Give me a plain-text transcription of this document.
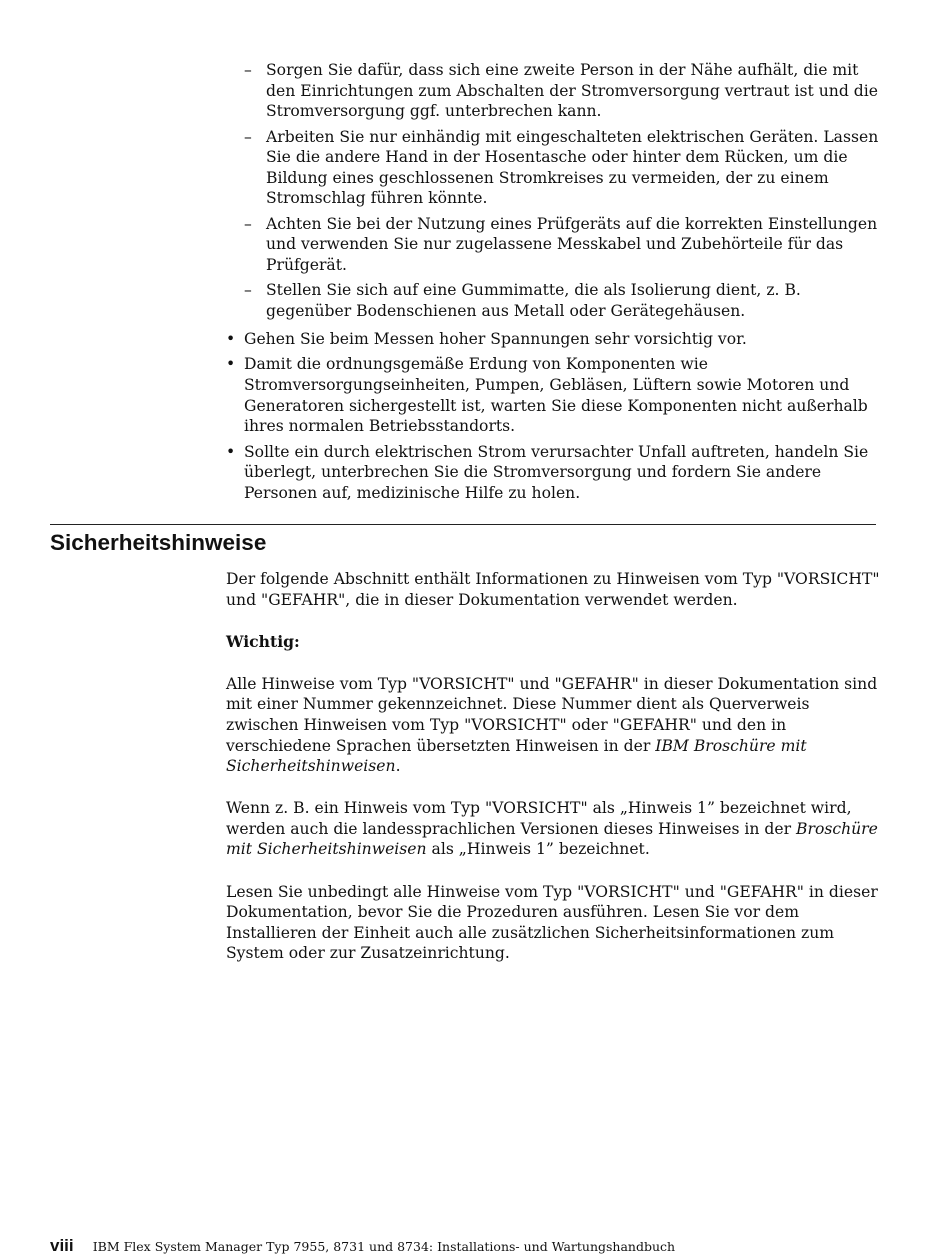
– Sorgen Sie dafür, dass sich eine zweite Person in der Nähe aufhält, die mit den Einrichtungen zum Abschalten der Stromversorgung vertraut ist und die Stromversorgung ggf. unterbrechen kann.
– Arbeiten Sie nur einhändig mit eingeschalteten elektrischen Geräten. Lassen Sie die andere Hand in der Hosentasche oder hinter dem Rücken, um die Bildung eines geschlossenen Stromkreises zu vermeiden, der zu einem Stromschlag führen könnte.
– Achten Sie bei der Nutzung eines Prüfgeräts auf die korrekten Einstellungen und verwenden Sie nur zugelassene Messkabel und Zubehörteile für das Prüfgerät.
– Stellen Sie sich auf eine Gummimatte, die als Isolierung dient, z. B. gegenüber Bodenschienen aus Metall oder Gerätegehäusen.
• Gehen Sie beim Messen hoher Spannungen sehr vorsichtig vor.
• Damit die ordnungsgemäße Erdung von Komponenten wie Stromversorgungseinheiten, Pumpen, Gebläsen, Lüftern sowie Motoren und Generatoren sichergestellt ist, warten Sie diese Komponenten nicht außerhalb ihres normalen Betriebsstandorts.
• Sollte ein durch elektrischen Strom verursachter Unfall auftreten, handeln Sie überlegt, unterbrechen Sie die Stromversorgung und fordern Sie andere Personen auf, medizinische Hilfe zu holen.
Sicherheitshinweise

Der folgende Abschnitt enthält Informationen zu Hinweisen vom Typ "VORSICHT" und "GEFAHR", die in dieser Dokumentation verwendet werden.

Wichtig:

Alle Hinweise vom Typ "VORSICHT" und "GEFAHR" in dieser Dokumentation sind mit einer Nummer gekennzeichnet. Diese Nummer dient als Querverweis zwischen Hinweisen vom Typ "VORSICHT" oder "GEFAHR" und den in verschiedene Sprachen übersetzten Hinweisen in der IBM Broschüre mit Sicherheitshinweisen.

Wenn z. B. ein Hinweis vom Typ "VORSICHT" als „Hinweis 1” bezeichnet wird, werden auch die landessprachlichen Versionen dieses Hinweises in der Broschüre mit Sicherheitshinweisen als „Hinweis 1” bezeichnet.

Lesen Sie unbedingt alle Hinweise vom Typ "VORSICHT" und "GEFAHR" in dieser Dokumentation, bevor Sie die Prozeduren ausführen. Lesen Sie vor dem Installieren der Einheit auch alle zusätzlichen Sicherheitsinformationen zum System oder zur Zusatzeinrichtung.

viii IBM Flex System Manager Typ 7955, 8731 und 8734: Installations- und Wartungshandbuch
